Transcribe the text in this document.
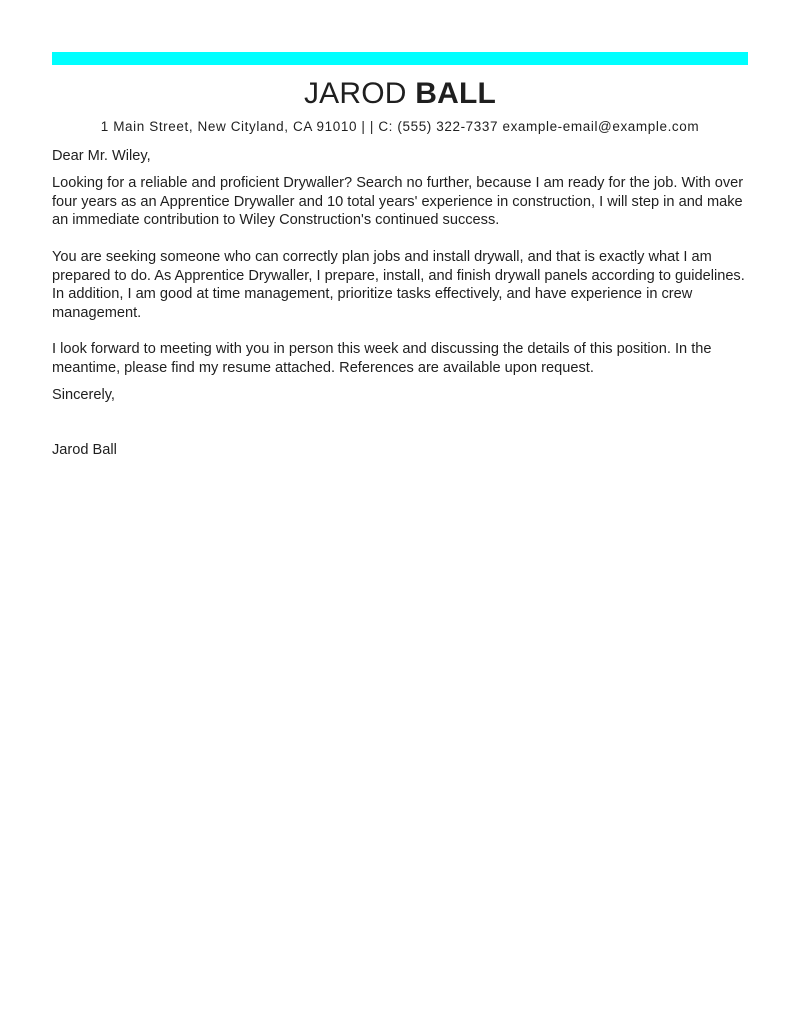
JAROD BALL
1 Main Street, New Cityland, CA 91010 | | C: (555) 322-7337 example-email@example.com

Dear Mr. Wiley,

Looking for a reliable and proficient Drywaller? Search no further, because I am ready for the job. With over four years as an Apprentice Drywaller and 10 total years' experience in construction, I will step in and make an immediate contribution to Wiley Construction's continued success.

You are seeking someone who can correctly plan jobs and install drywall, and that is exactly what I am prepared to do. As Apprentice Drywaller, I prepare, install, and finish drywall panels according to guidelines. In addition, I am good at time management, prioritize tasks effectively, and have experience in crew management.

I look forward to meeting with you in person this week and discussing the details of this position. In the meantime, please find my resume attached. References are available upon request.

Sincerely,

Jarod Ball
